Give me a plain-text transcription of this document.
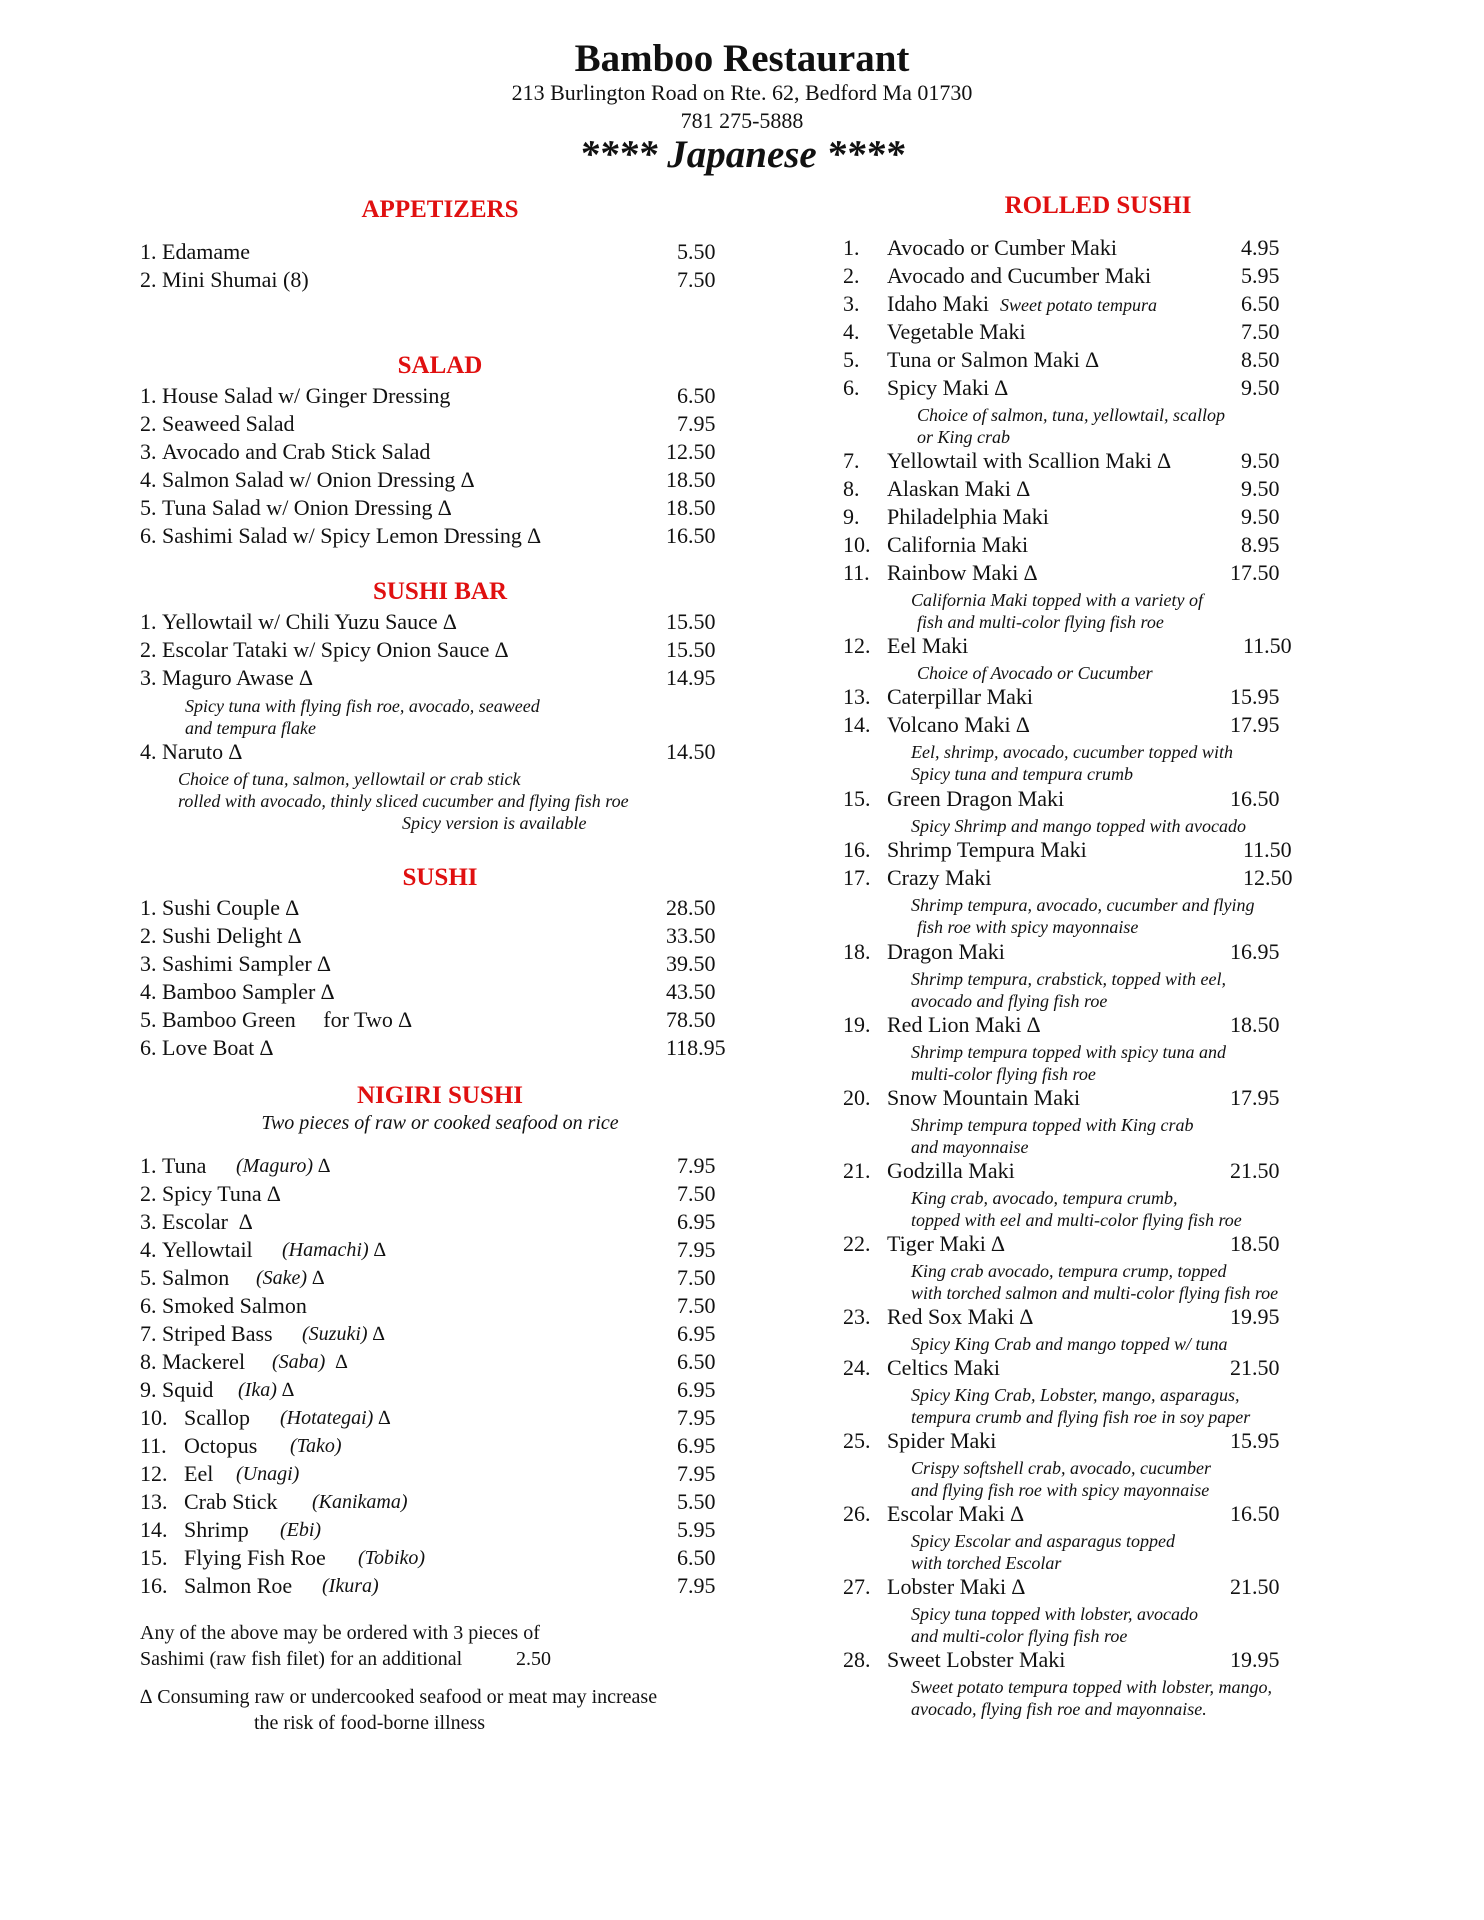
Bamboo Restaurant
213 Burlington Road on Rte. 62, Bedford Ma 01730
781 275-5888
**** Japanese ****
APPETIZERS
1. Edamame	5.50
2. Mini Shumai (8)	7.50
SALAD
1. House Salad w/ Ginger Dressing	6.50
2. Seaweed Salad	7.95
3. Avocado and Crab Stick Salad	12.50
4. Salmon Salad w/ Onion Dressing ∆	18.50
5. Tuna Salad w/ Onion Dressing ∆	18.50
6. Sashimi Salad w/ Spicy Lemon Dressing ∆	16.50
SUSHI BAR
1. Yellowtail w/ Chili Yuzu Sauce ∆	15.50
2. Escolar Tataki w/ Spicy Onion Sauce ∆	15.50
3. Maguro Awase ∆	14.95
Spicy tuna with flying fish roe, avocado, seaweed
and tempura flake
4. Naruto ∆	14.50
Choice of tuna, salmon, yellowtail or crab stick
rolled with avocado, thinly sliced cucumber and flying fish roe
Spicy version is available
SUSHI
1. Sushi Couple ∆	28.50
2. Sushi Delight ∆	33.50
3. Sashimi Sampler ∆	39.50
4. Bamboo Sampler ∆	43.50
5. Bamboo Green     for Two ∆	78.50
6. Love Boat ∆	118.95
NIGIRI SUSHI
Two pieces of raw or cooked seafood on rice
1. Tuna (Maguro) ∆	7.95
2. Spicy Tuna ∆	7.50
3. Escolar  ∆	6.95
4. Yellowtail (Hamachi) ∆	7.95
5. Salmon (Sake) ∆	7.50
6. Smoked Salmon	7.50
7. Striped Bass (Suzuki) ∆	6.95
8. Mackerel (Saba)  ∆	6.50
9. Squid (Ika) ∆	6.95
10. Scallop (Hotategai) ∆	7.95
11. Octopus (Tako)	6.95
12. Eel (Unagi)	7.95
13. Crab Stick (Kanikama)	5.50
14. Shrimp (Ebi)	5.95
15. Flying Fish Roe (Tobiko)	6.50
16. Salmon Roe (Ikura)	7.95
Any of the above may be ordered with 3 pieces of
Sashimi (raw fish filet) for an additional	2.50
∆ Consuming raw or undercooked seafood or meat may increase
the risk of food-borne illness
ROLLED SUSHI
1. Avocado or Cumber Maki	4.95
2. Avocado and Cucumber Maki	5.95
3. Idaho Maki Sweet potato tempura	6.50
4. Vegetable Maki	7.50
5. Tuna or Salmon Maki ∆	8.50
6. Spicy Maki ∆	9.50
Choice of salmon, tuna, yellowtail, scallop
or King crab
7. Yellowtail with Scallion Maki ∆	9.50
8. Alaskan Maki ∆	9.50
9. Philadelphia Maki	9.50
10. California Maki	8.95
11. Rainbow Maki ∆	17.50
California Maki topped with a variety of
fish and multi-color flying fish roe
12. Eel Maki	11.50
Choice of Avocado or Cucumber
13. Caterpillar Maki	15.95
14. Volcano Maki ∆	17.95
Eel, shrimp, avocado, cucumber topped with
Spicy tuna and tempura crumb
15. Green Dragon Maki	16.50
Spicy Shrimp and mango topped with avocado
16. Shrimp Tempura Maki	11.50
17. Crazy Maki	12.50
Shrimp tempura, avocado, cucumber and flying
fish roe with spicy mayonnaise
18. Dragon Maki	16.95
Shrimp tempura, crabstick, topped with eel,
avocado and flying fish roe
19. Red Lion Maki ∆	18.50
Shrimp tempura topped with spicy tuna and
multi-color flying fish roe
20. Snow Mountain Maki	17.95
Shrimp tempura topped with King crab
and mayonnaise
21. Godzilla Maki	21.50
King crab, avocado, tempura crumb,
topped with eel and multi-color flying fish roe
22. Tiger Maki ∆	18.50
King crab avocado, tempura crump, topped
with torched salmon and multi-color flying fish roe
23. Red Sox Maki ∆	19.95
Spicy King Crab and mango topped w/ tuna
24. Celtics Maki	21.50
Spicy King Crab, Lobster, mango, asparagus,
tempura crumb and flying fish roe in soy paper
25. Spider Maki	15.95
Crispy softshell crab, avocado, cucumber
and flying fish roe with spicy mayonnaise
26. Escolar Maki ∆	16.50
Spicy Escolar and asparagus topped
with torched Escolar
27. Lobster Maki ∆	21.50
Spicy tuna topped with lobster, avocado
and multi-color flying fish roe
28. Sweet Lobster Maki	19.95
Sweet potato tempura topped with lobster, mango,
avocado, flying fish roe and mayonnaise.
